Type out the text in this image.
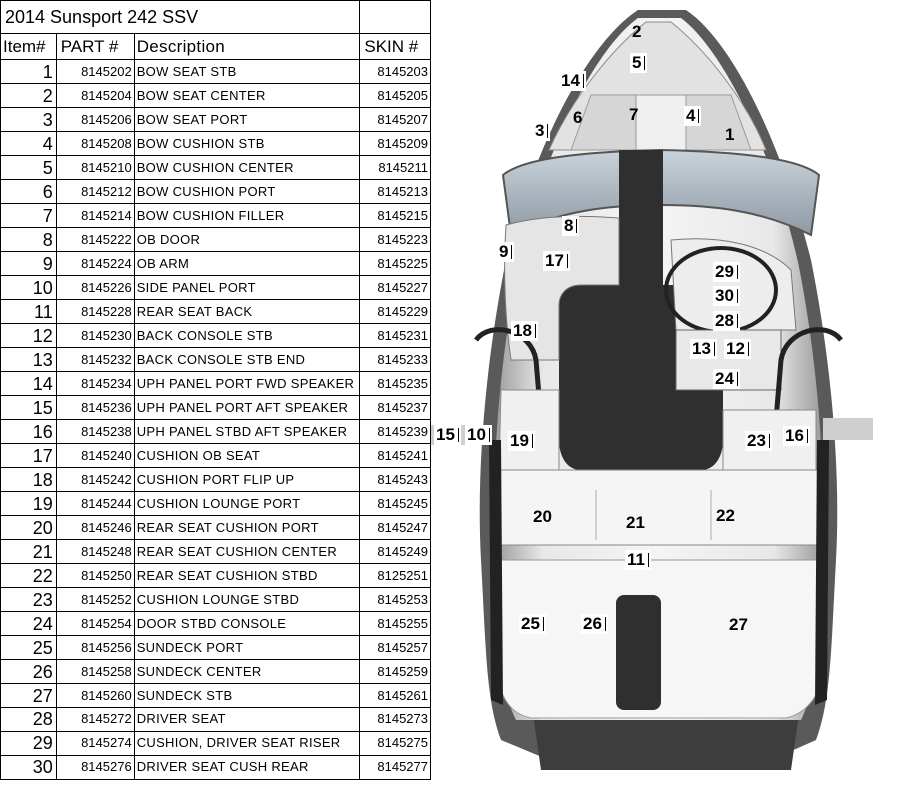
2014 Sunsport 242 SSV			
Item#	PART #	Description	SKIN #
1	8145202	BOW SEAT STB	8145203
2	8145204	BOW SEAT CENTER	8145205
3	8145206	BOW SEAT PORT	8145207
4	8145208	BOW CUSHION STB	8145209
5	8145210	BOW CUSHION CENTER	8145211
6	8145212	BOW CUSHION PORT	8145213
7	8145214	BOW CUSHION FILLER	8145215
8	8145222	OB DOOR	8145223
9	8145224	OB ARM	8145225
10	8145226	SIDE PANEL PORT	8145227
11	8145228	REAR SEAT BACK	8145229
12	8145230	BACK CONSOLE STB	8145231
13	8145232	BACK CONSOLE STB END	8145233
14	8145234	UPH PANEL PORT FWD SPEAKER	8145235
15	8145236	UPH PANEL PORT AFT SPEAKER	8145237
16	8145238	UPH PANEL STBD AFT SPEAKER	8145239
17	8145240	CUSHION OB SEAT	8145241
18	8145242	CUSHION PORT FLIP UP	8145243
19	8145244	CUSHION LOUNGE PORT	8145245
20	8145246	REAR SEAT CUSHION PORT	8145247
21	8145248	REAR SEAT CUSHION CENTER	8145249
22	8145250	REAR SEAT CUSHION STBD	8125251
23	8145252	CUSHION LOUNGE STBD	8145253
24	8145254	DOOR STBD CONSOLE	8145255
25	8145256	SUNDECK PORT	8145257
26	8145258	SUNDECK CENTER	8145259
27	8145260	SUNDECK STB	8145261
28	8145272	DRIVER SEAT	8145273
29	8145274	CUSHION, DRIVER SEAT RISER	8145275
30	8145276	DRIVER SEAT CUSH REAR	8145277
1
2
3
4
5
6	7
8
9
10
11
12
13
14
15	16
17
18
19
20	21	22
23
24
25	26	27
28
29
30
